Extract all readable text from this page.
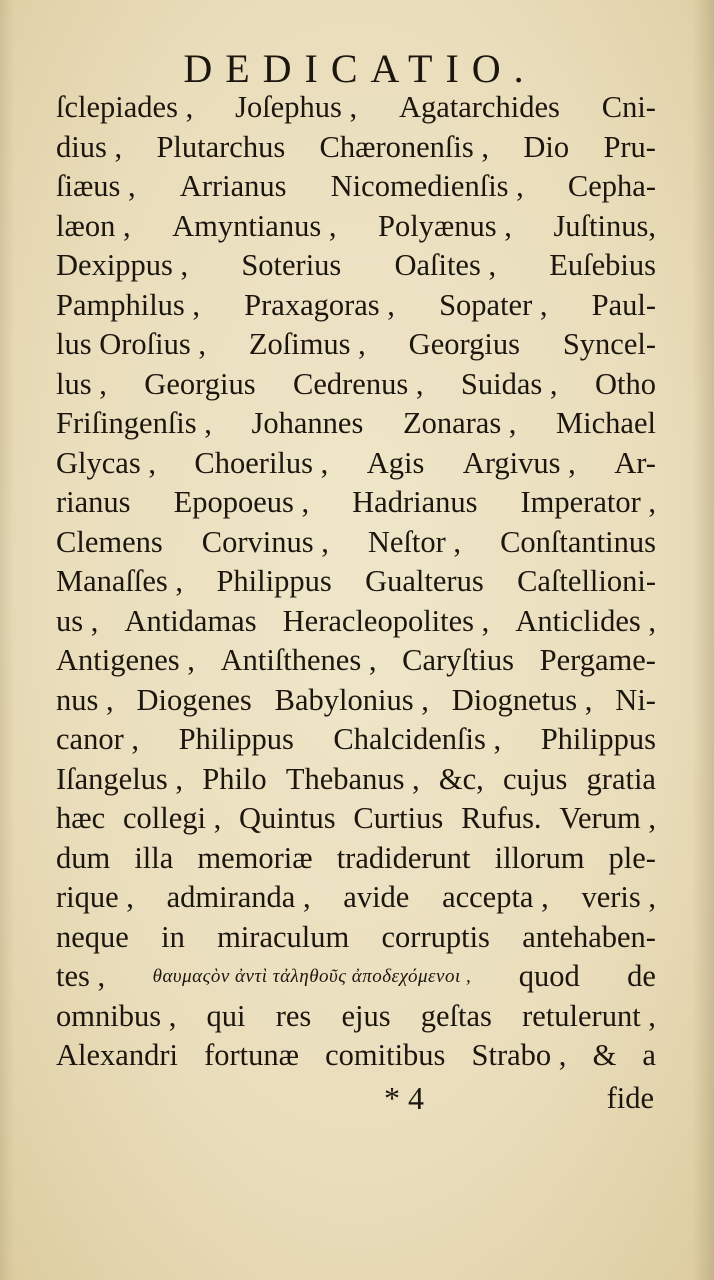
DEDICATIO.
ſclepiades , Joſephus , Agatarchides Cni-
dius , Plutarchus Chæronenſis , Dio Pru-
ſiæus , Arrianus Nicomedienſis , Cepha-
læon , Amyntianus , Polyænus , Juſtinus,
Dexippus , Soterius Oaſites , Euſebius
Pamphilus , Praxagoras , Sopater , Paul-
lus Oroſius , Zoſimus , Georgius Syncel-
lus , Georgius Cedrenus , Suidas , Otho
Friſingenſis , Johannes Zonaras , Michael
Glycas , Choerilus , Agis Argivus , Ar-
rianus Epopoeus , Hadrianus Imperator ,
Clemens Corvinus , Neſtor , Conſtantinus
Manaſſes , Philippus Gualterus Caſtellioni-
us , Antidamas Heracleopolites , Anticlides ,
Antigenes , Antiſthenes , Caryſtius Pergame-
nus , Diogenes Babylonius , Diognetus , Ni-
canor , Philippus Chalcidenſis , Philippus
Iſangelus , Philo Thebanus , &c, cujus gratia
hæc collegi , Quintus Curtius Rufus. Verum ,
dum illa memoriæ tradiderunt illorum ple-
rique , admiranda , avide accepta , veris ,
neque in miraculum corruptis antehaben-
tes , θαυμαςὸν ἀντὶ τἀληθοῦς ἀποδεχόμενοι , quod de
omnibus , qui res ejus geſtas retulerunt ,
Alexandri fortunæ comitibus Strabo , & a
* 4	fide
